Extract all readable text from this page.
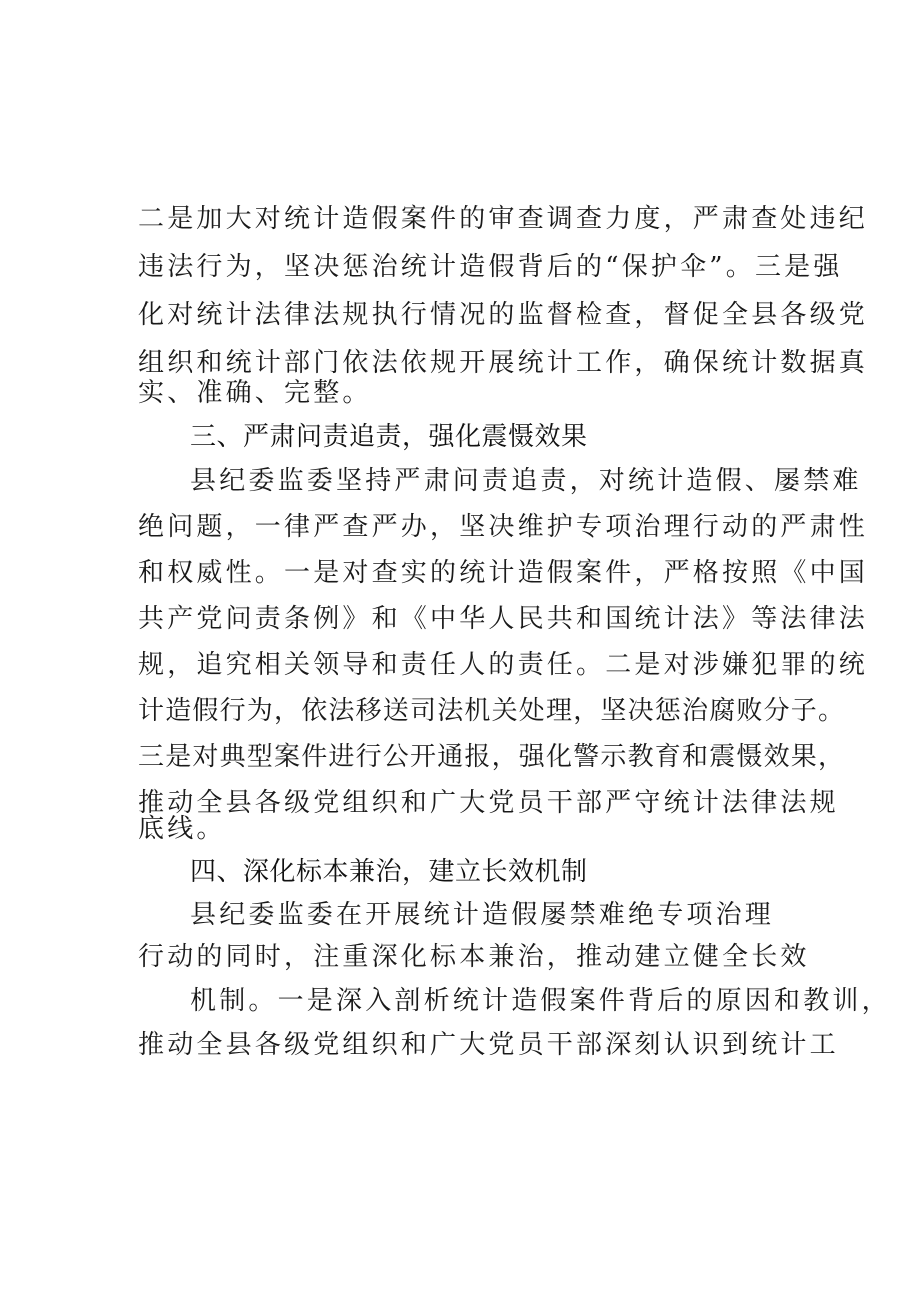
二是加大对统计造假案件的审查调查力度，严肃查处违纪
违法行为，坚决惩治统计造假背后的“保护伞”。三是强
化对统计法律法规执行情况的监督检查，督促全县各级党
组织和统计部门依法依规开展统计工作，确保统计数据真
实、准确、完整。
三、严肃问责追责，强化震慑效果
县纪委监委坚持严肃问责追责，对统计造假、屡禁难
绝问题，一律严查严办，坚决维护专项治理行动的严肃性
和权威性。一是对查实的统计造假案件，严格按照《中国
共产党问责条例》和《中华人民共和国统计法》等法律法
规，追究相关领导和责任人的责任。二是对涉嫌犯罪的统
计造假行为，依法移送司法机关处理，坚决惩治腐败分子。
三是对典型案件进行公开通报，强化警示教育和震慑效果，
推动全县各级党组织和广大党员干部严守统计法律法规
底线。
四、深化标本兼治，建立长效机制
县纪委监委在开展统计造假屡禁难绝专项治理
行动的同时，注重深化标本兼治，推动建立健全长效
机制。一是深入剖析统计造假案件背后的原因和教训，
推动全县各级党组织和广大党员干部深刻认识到统计工
